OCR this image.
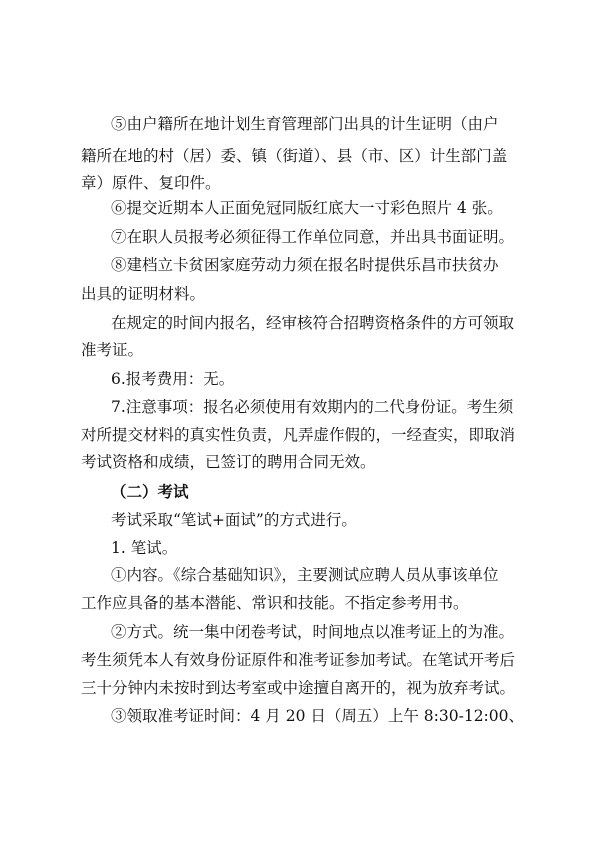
⑤由户籍所在地计划生育管理部门出具的计生证明（由户
籍所在地的村（居）委、镇（街道）、县（市、区）计生部门盖
章）原件、复印件。
⑥提交近期本人正面免冠同版红底大一寸彩色照片 4 张。
⑦在职人员报考必须征得工作单位同意，并出具书面证明。
⑧建档立卡贫困家庭劳动力须在报名时提供乐昌市扶贫办
出具的证明材料。
在规定的时间内报名，经审核符合招聘资格条件的方可领取
准考证。
6.报考费用：无。
7.注意事项：报名必须使用有效期内的二代身份证。考生须
对所提交材料的真实性负责，凡弄虚作假的，一经查实，即取消
考试资格和成绩，已签订的聘用合同无效。
（二）考试
考试采取“笔试+面试”的方式进行。
1. 笔试。
①内容。《综合基础知识》，主要测试应聘人员从事该单位
工作应具备的基本潜能、常识和技能。不指定参考用书。
②方式。统一集中闭卷考试，时间地点以准考证上的为准。
考生须凭本人有效身份证原件和准考证参加考试。在笔试开考后
三十分钟内未按时到达考室或中途擅自离开的，视为放弃考试。
③领取准考证时间：4 月 20 日（周五）上午 8:30-12:00、
